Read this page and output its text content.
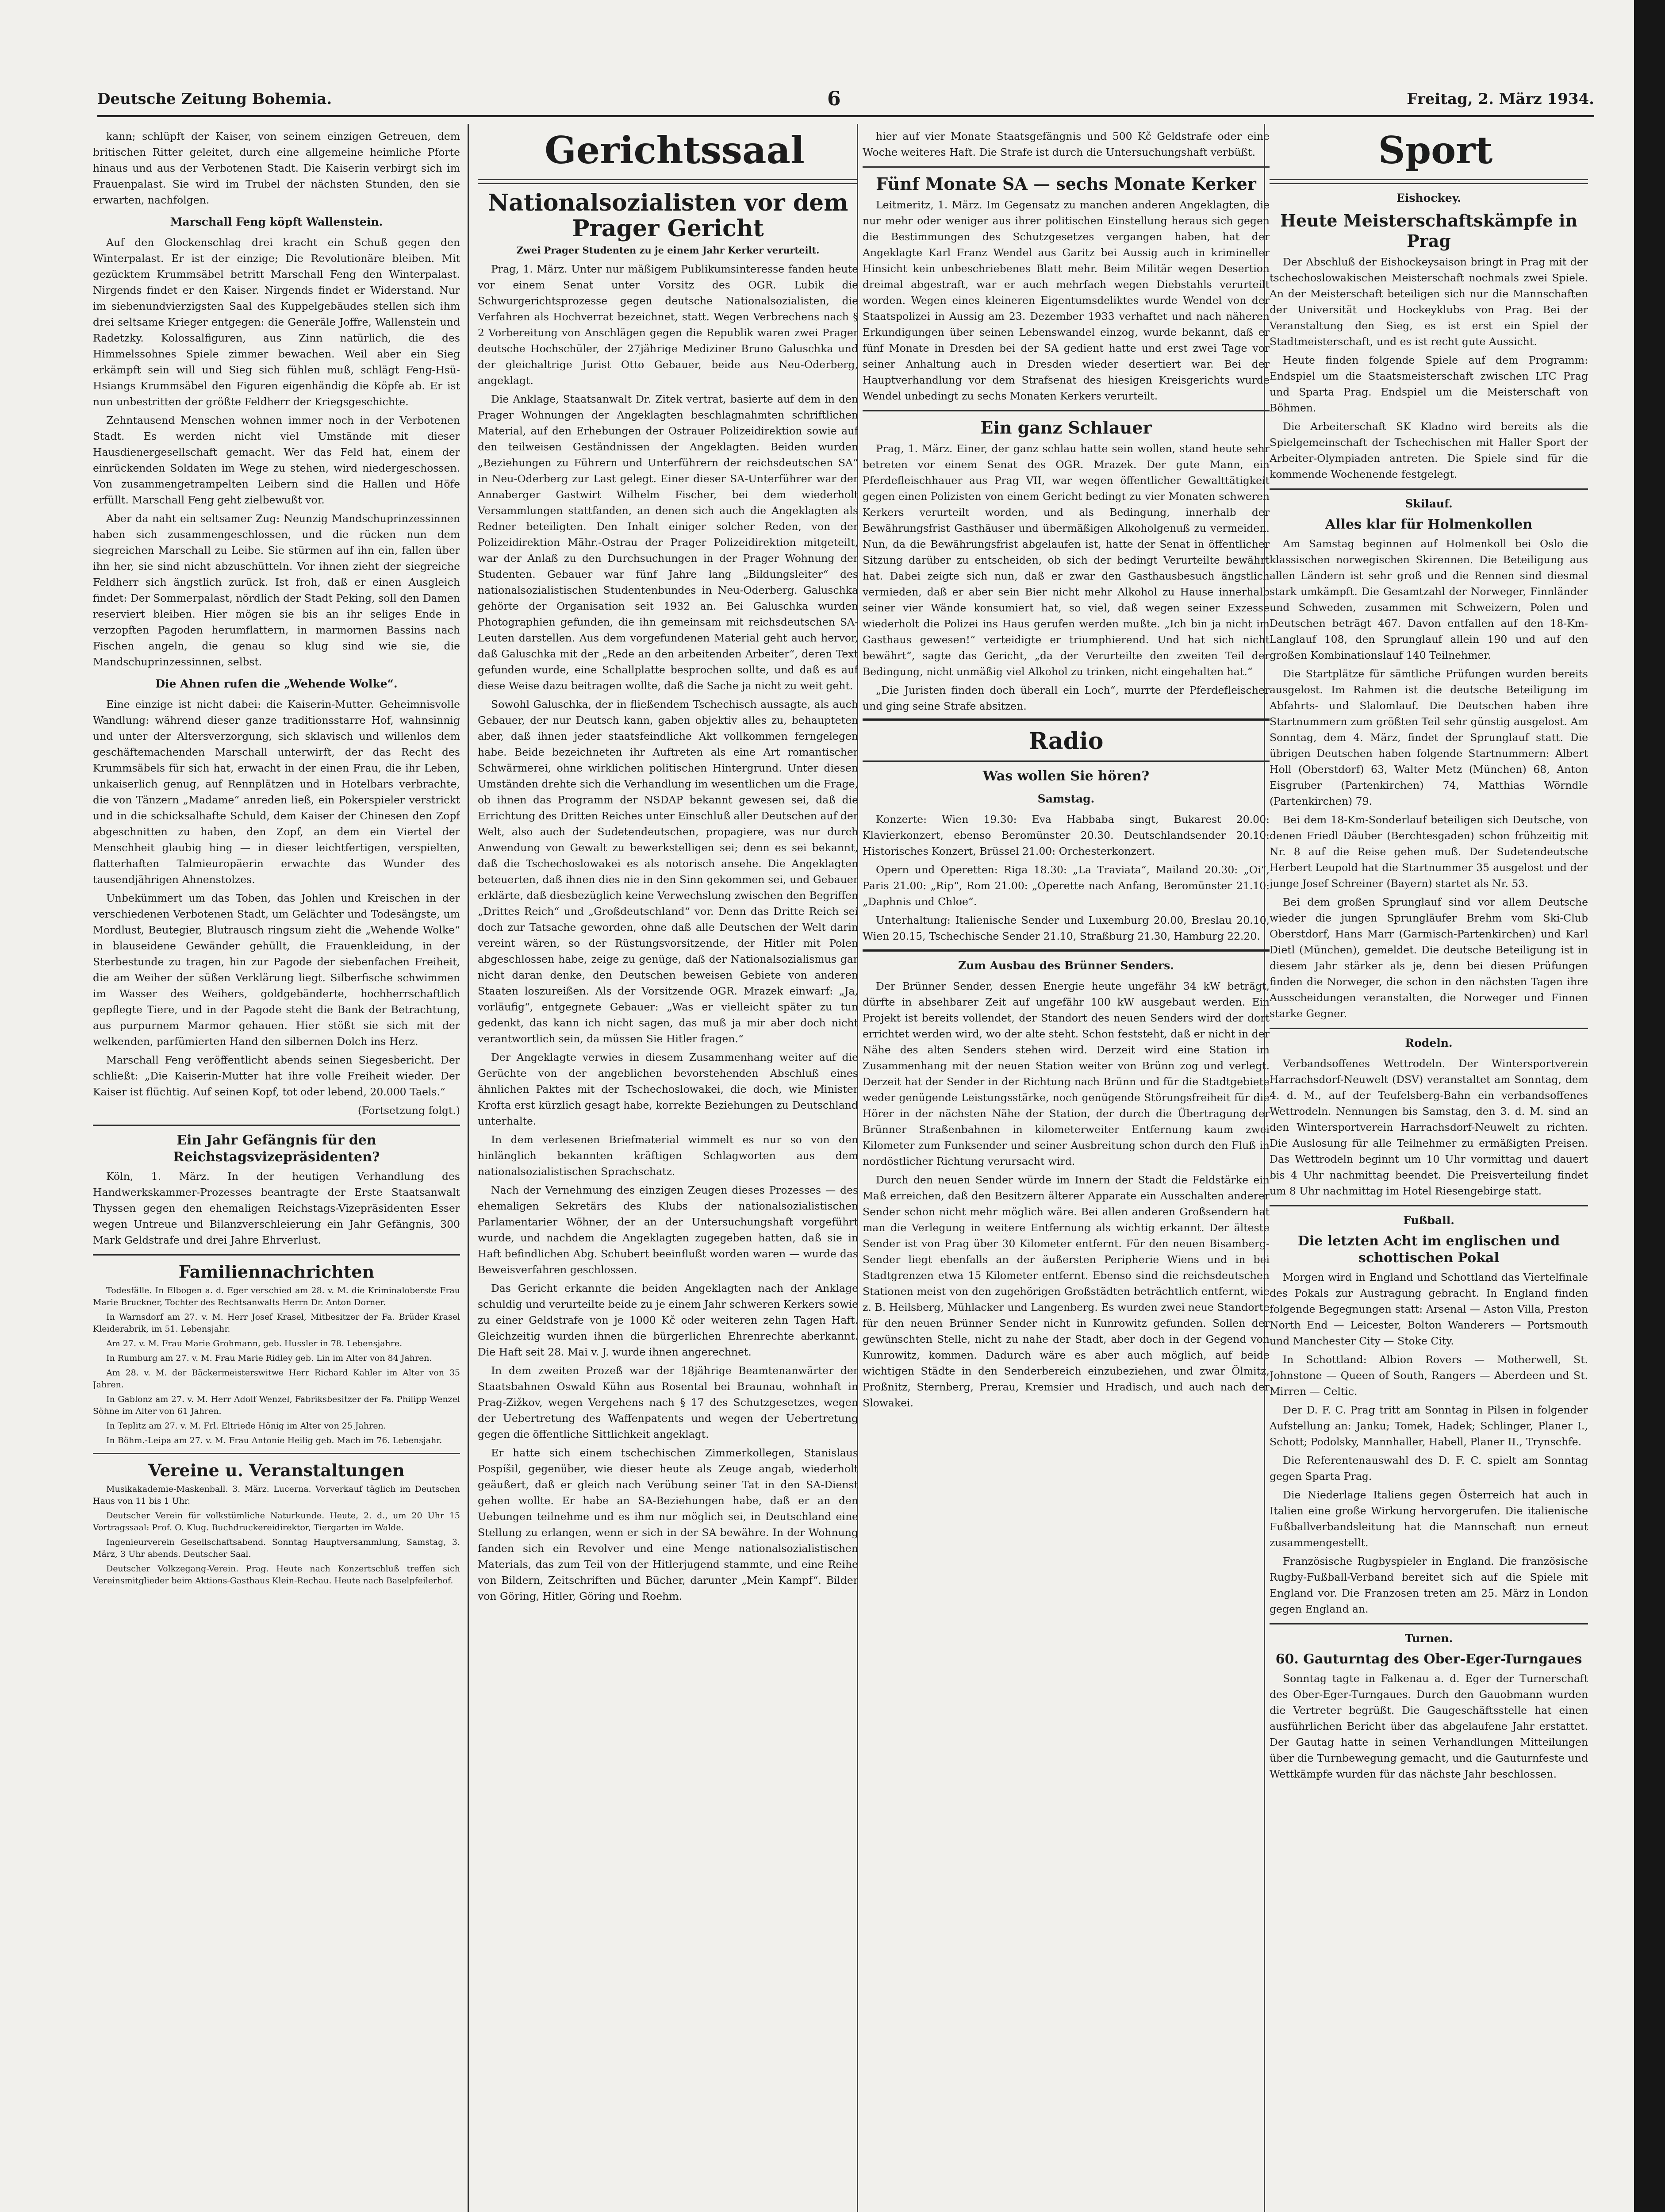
Deutsche Zeitung Bohemia.	6	Freitag, 2. März 1934.

kann; schlüpft der Kaiser, von seinem einzigen Getreuen, dem britischen Ritter geleitet, durch eine allgemeine heimliche Pforte hinaus und aus der Verbotenen Stadt. Die Kaiserin verbirgt sich im Frauenpalast. Sie wird im Trubel der nächsten Stunden, den sie erwarten, nachfolgen.

Marschall Feng köpft Wallenstein.

Auf den Glockenschlag drei kracht ein Schuß gegen den Winterpalast. Er ist der einzige; Die Revolutionäre bleiben. Mit gezücktem Krummsäbel betritt Marschall Feng den Winterpalast. Nirgends findet er den Kaiser. Nirgends findet er Widerstand. Nur im siebenundvierzigsten Saal des Kuppelgebäudes stellen sich ihm drei seltsame Krieger entgegen: die Generäle Joffre, Wallenstein und Radetzky. Kolossalfiguren, aus Zinn natürlich, die des Himmelssohnes Spiele zimmer bewachen. Weil aber ein Sieg erkämpft sein will und Sieg sich fühlen muß, schlägt Feng-Hsü-Hsiangs Krummsäbel den Figuren eigenhändig die Köpfe ab. Er ist nun unbestritten der größte Feldherr der Kriegsgeschichte.

Zehntausend Menschen wohnen immer noch in der Verbotenen Stadt. Es werden nicht viel Umstände mit dieser Hausdienergesellschaft gemacht. Wer das Feld hat, einem der einrückenden Soldaten im Wege zu stehen, wird niedergeschossen. Von zusammengetrampelten Leibern sind die Hallen und Höfe erfüllt. Marschall Feng geht zielbewußt vor.

Aber da naht ein seltsamer Zug: Neunzig Mandschuprinzessinnen haben sich zusammengeschlossen, und die rücken nun dem siegreichen Marschall zu Leibe. Sie stürmen auf ihn ein, fallen über ihn her, sie sind nicht abzuschütteln. Vor ihnen zieht der siegreiche Feldherr sich ängstlich zurück. Ist froh, daß er einen Ausgleich findet: Der Sommerpalast, nördlich der Stadt Peking, soll den Damen reserviert bleiben. Hier mögen sie bis an ihr seliges Ende in verzopften Pagoden herumflattern, in marmornen Bassins nach Fischen angeln, die genau so klug sind wie sie, die Mandschuprinzessinnen, selbst.

Die Ahnen rufen die „Wehende Wolke“.

Eine einzige ist nicht dabei: die Kaiserin-Mutter. Geheimnisvolle Wandlung: während dieser ganze traditionsstarre Hof, wahnsinnig und unter der Altersverzorgung, sich sklavisch und willenlos dem geschäftemachenden Marschall unterwirft, der das Recht des Krummsäbels für sich hat, erwacht in der einen Frau, die ihr Leben, unkaiserlich genug, auf Rennplätzen und in Hotelbars verbrachte, die von Tänzern „Madame“ anreden ließ, ein Pokerspieler verstrickt und in die schicksalhafte Schuld, dem Kaiser der Chinesen den Zopf abgeschnitten zu haben, den Zopf, an dem ein Viertel der Menschheit glaubig hing — in dieser leichtfertigen, verspielten, flatterhaften Talmieuropäerin erwachte das Wunder des tausendjährigen Ahnenstolzes.

Unbekümmert um das Toben, das Johlen und Kreischen in der verschiedenen Verbotenen Stadt, um Gelächter und Todesängste, um Mordlust, Beutegier, Blutrausch ringsum zieht die „Wehende Wolke“ in blauseidene Gewänder gehüllt, die Frauenkleidung, in der Sterbestunde zu tragen, hin zur Pagode der siebenfachen Freiheit, die am Weiher der süßen Verklärung liegt. Silberfische schwimmen im Wasser des Weihers, goldgebänderte, hochherrschaftlich gepflegte Tiere, und in der Pagode steht die Bank der Betrachtung, aus purpurnem Marmor gehauen. Hier stößt sie sich mit der welkenden, parfümierten Hand den silbernen Dolch ins Herz.

Marschall Feng veröffentlicht abends seinen Siegesbericht. Der schließt: „Die Kaiserin-Mutter hat ihre volle Freiheit wieder. Der Kaiser ist flüchtig. Auf seinen Kopf, tot oder lebend, 20.000 Taels.“

(Fortsetzung folgt.)

Ein Jahr Gefängnis für den Reichstagsvizepräsidenten?

Köln, 1. März. In der heutigen Verhandlung des Handwerkskammer-Prozesses beantragte der Erste Staatsanwalt Thyssen gegen den ehemaligen Reichstags-Vizepräsidenten Esser wegen Untreue und Bilanzverschleierung ein Jahr Gefängnis, 300 Mark Geldstrafe und drei Jahre Ehrverlust.

Familiennachrichten

Todesfälle. In Elbogen a. d. Eger verschied am 28. v. M. die Kriminaloberste Frau Marie Bruckner, Tochter des Rechtsanwalts Herrn Dr. Anton Dorner.

In Warnsdorf am 27. v. M. Herr Josef Krasel, Mitbesitzer der Fa. Brüder Krasel Kleiderabrik, im 51. Lebensjahr.

Am 27. v. M. Frau Marie Grohmann, geb. Hussler in 78. Lebensjahre.

In Rumburg am 27. v. M. Frau Marie Ridley geb. Lin im Alter von 84 Jahren.

Am 28. v. M. der Bäckermeisterswitwe Herr Richard Kahler im Alter von 35 Jahren.

In Gablonz am 27. v. M. Herr Adolf Wenzel, Fabriksbesitzer der Fa. Philipp Wenzel Söhne im Alter von 61 Jahren.

In Teplitz am 27. v. M. Frl. Eltriede Hönig im Alter von 25 Jahren.

In Böhm.-Leipa am 27. v. M. Frau Antonie Heilig geb. Mach im 76. Lebensjahr.

Vereine u. Veranstaltungen

Musikakademie-Maskenball. 3. März. Lucerna. Vorverkauf täglich im Deutschen Haus von 11 bis 1 Uhr.

Deutscher Verein für volkstümliche Naturkunde. Heute, 2. d., um 20 Uhr 15 Vortragssaal: Prof. O. Klug. Buchdruckereidirektor, Tiergarten im Walde.

Ingenieurverein Gesellschaftsabend. Sonntag Hauptversammlung, Samstag, 3. März, 3 Uhr abends. Deutscher Saal.

Deutscher Volkzegang-Verein. Prag. Heute nach Konzertschluß treffen sich Vereinsmitglieder beim Aktions-Gasthaus Klein-Rechau. Heute nach Baselpfeilerhof.

Gerichtssaal

Nationalsozialisten vor dem Prager Gericht

Zwei Prager Studenten zu je einem Jahr Kerker verurteilt.

Prag, 1. März. Unter nur mäßigem Publikumsinteresse fanden heute vor einem Senat unter Vorsitz des OGR. Lubik die Schwurgerichtsprozesse gegen deutsche Nationalsozialisten, die Verfahren als Hochverrat bezeichnet, statt. Wegen Verbrechens nach § 2 Vorbereitung von Anschlägen gegen die Republik waren zwei Prager deutsche Hochschüler, der 27jährige Mediziner Bruno Galuschka und der gleichaltrige Jurist Otto Gebauer, beide aus Neu-Oderberg, angeklagt.

Die Anklage, Staatsanwalt Dr. Zitek vertrat, basierte auf dem in den Prager Wohnungen der Angeklagten beschlagnahmten schriftlichen Material, auf den Erhebungen der Ostrauer Polizeidirektion sowie auf den teilweisen Geständnissen der Angeklagten. Beiden wurden „Beziehungen zu Führern und Unterführern der reichsdeutschen SA“ in Neu-Oderberg zur Last gelegt. Einer dieser SA-Unterführer war der Annaberger Gastwirt Wilhelm Fischer, bei dem wiederholt Versammlungen stattfanden, an denen sich auch die Angeklagten als Redner beteiligten. Den Inhalt einiger solcher Reden, von der Polizeidirektion Mähr.-Ostrau der Prager Polizeidirektion mitgeteilt, war der Anlaß zu den Durchsuchungen in der Prager Wohnung der Studenten. Gebauer war fünf Jahre lang „Bildungsleiter“ des nationalsozialistischen Studentenbundes in Neu-Oderberg. Galuschka gehörte der Organisation seit 1932 an. Bei Galuschka wurden Photographien gefunden, die ihn gemeinsam mit reichsdeutschen SA-Leuten darstellen. Aus dem vorgefundenen Material geht auch hervor, daß Galuschka mit der „Rede an den arbeitenden Arbeiter“, deren Text gefunden wurde, eine Schallplatte besprochen sollte, und daß es auf diese Weise dazu beitragen wollte, daß die Sache ja nicht zu weit geht.

Sowohl Galuschka, der in fließendem Tschechisch aussagte, als auch Gebauer, der nur Deutsch kann, gaben objektiv alles zu, behaupteten aber, daß ihnen jeder staatsfeindliche Akt vollkommen ferngelegen habe. Beide bezeichneten ihr Auftreten als eine Art romantischer Schwärmerei, ohne wirklichen politischen Hintergrund. Unter diesen Umständen drehte sich die Verhandlung im wesentlichen um die Frage, ob ihnen das Programm der NSDAP bekannt gewesen sei, daß die Errichtung des Dritten Reiches unter Einschluß aller Deutschen auf der Welt, also auch der Sudetendeutschen, propagiere, was nur durch Anwendung von Gewalt zu bewerkstelligen sei; denn es sei bekannt, daß die Tschechoslowakei es als notorisch ansehe. Die Angeklagten beteuerten, daß ihnen dies nie in den Sinn gekommen sei, und Gebauer erklärte, daß diesbezüglich keine Verwechslung zwischen den Begriffen „Drittes Reich“ und „Großdeutschland“ vor. Denn das Dritte Reich sei doch zur Tatsache geworden, ohne daß alle Deutschen der Welt darin vereint wären, so der Rüstungsvorsitzende, der Hitler mit Polen abgeschlossen habe, zeige zu genüge, daß der Nationalsozialismus gar nicht daran denke, den Deutschen beweisen Gebiete von anderen Staaten loszureißen. Als der Vorsitzende OGR. Mrazek einwarf: „Ja, vorläufig“, entgegnete Gebauer: „Was er vielleicht später zu tun gedenkt, das kann ich nicht sagen, das muß ja mir aber doch nicht verantwortlich sein, da müssen Sie Hitler fragen.“

Der Angeklagte verwies in diesem Zusammenhang weiter auf die Gerüchte von der angeblichen bevorstehenden Abschluß eines ähnlichen Paktes mit der Tschechoslowakei, die doch, wie Minister Krofta erst kürzlich gesagt habe, korrekte Beziehungen zu Deutschland unterhalte.

In dem verlesenen Briefmaterial wimmelt es nur so von den hinlänglich bekannten kräftigen Schlagworten aus dem nationalsozialistischen Sprachschatz.

Nach der Vernehmung des einzigen Zeugen dieses Prozesses — des ehemaligen Sekretärs des Klubs der nationalsozialistischen Parlamentarier Wöhner, der an der Untersuchungshaft vorgeführt wurde, und nachdem die Angeklagten zugegeben hatten, daß sie in Haft befindlichen Abg. Schubert beeinflußt worden waren — wurde das Beweisverfahren geschlossen.

Das Gericht erkannte die beiden Angeklagten nach der Anklage schuldig und verurteilte beide zu je einem Jahr schweren Kerkers sowie zu einer Geldstrafe von je 1000 Kč oder weiteren zehn Tagen Haft. Gleichzeitig wurden ihnen die bürgerlichen Ehrenrechte aberkannt. Die Haft seit 28. Mai v. J. wurde ihnen angerechnet.

In dem zweiten Prozeß war der 18jährige Beamtenanwärter der Staatsbahnen Oswald Kühn aus Rosental bei Braunau, wohnhaft in Prag-Zižkov, wegen Vergehens nach § 17 des Schutzgesetzes, wegen der Uebertretung des Waffenpatents und wegen der Uebertretung gegen die öffentliche Sittlichkeit angeklagt.

Er hatte sich einem tschechischen Zimmerkollegen, Stanislaus Pospíšil, gegenüber, wie dieser heute als Zeuge angab, wiederholt geäußert, daß er gleich nach Verübung seiner Tat in den SA-Dienst gehen wollte. Er habe an SA-Beziehungen habe, daß er an den Uebungen teilnehme und es ihm nur möglich sei, in Deutschland eine Stellung zu erlangen, wenn er sich in der SA bewähre. In der Wohnung fanden sich ein Revolver und eine Menge nationalsozialistischen Materials, das zum Teil von der Hitlerjugend stammte, und eine Reihe von Bildern, Zeitschriften und Bücher, darunter „Mein Kampf“. Bilder von Göring, Hitler, Göring und Roehm.

hier auf vier Monate Staatsgefängnis und 500 Kč Geldstrafe oder eine Woche weiteres Haft. Die Strafe ist durch die Untersuchungshaft verbüßt.

Fünf Monate SA — sechs Monate Kerker

Leitmeritz, 1. März. Im Gegensatz zu manchen anderen Angeklagten, die nur mehr oder weniger aus ihrer politischen Einstellung heraus sich gegen die Bestimmungen des Schutzgesetzes vergangen haben, hat der Angeklagte Karl Franz Wendel aus Garitz bei Aussig auch in krimineller Hinsicht kein unbeschriebenes Blatt mehr. Beim Militär wegen Desertion dreimal abgestraft, war er auch mehrfach wegen Diebstahls verurteilt worden. Wegen eines kleineren Eigentumsdeliktes wurde Wendel von der Staatspolizei in Aussig am 23. Dezember 1933 verhaftet und nach näheren Erkundigungen über seinen Lebenswandel einzog, wurde bekannt, daß er fünf Monate in Dresden bei der SA gedient hatte und erst zwei Tage vor seiner Anhaltung auch in Dresden wieder desertiert war. Bei der Hauptverhandlung vor dem Strafsenat des hiesigen Kreisgerichts wurde Wendel unbedingt zu sechs Monaten Kerkers verurteilt.

Ein ganz Schlauer

Prag, 1. März. Einer, der ganz schlau hatte sein wollen, stand heute sehr betreten vor einem Senat des OGR. Mrazek. Der gute Mann, ein Pferdefleischhauer aus Prag VII, war wegen öffentlicher Gewalttätigkeit gegen einen Polizisten von einem Gericht bedingt zu vier Monaten schweren Kerkers verurteilt worden, und als Bedingung, innerhalb der Bewährungsfrist Gasthäuser und übermäßigen Alkoholgenuß zu vermeiden. Nun, da die Bewährungsfrist abgelaufen ist, hatte der Senat in öffentlicher Sitzung darüber zu entscheiden, ob sich der bedingt Verurteilte bewährt hat. Dabei zeigte sich nun, daß er zwar den Gasthausbesuch ängstlich vermieden, daß er aber sein Bier nicht mehr Alkohol zu Hause innerhalb seiner vier Wände konsumiert hat, so viel, daß wegen seiner Exzesse wiederholt die Polizei ins Haus gerufen werden mußte. „Ich bin ja nicht im Gasthaus gewesen!“ verteidigte er triumphierend. Und hat sich nicht bewährt“, sagte das Gericht, „da der Verurteilte den zweiten Teil der Bedingung, nicht unmäßig viel Alkohol zu trinken, nicht eingehalten hat.“

„Die Juristen finden doch überall ein Loch“, murrte der Pferdefleischer und ging seine Strafe absitzen.

Radio

Was wollen Sie hören?

Samstag.

Konzerte: Wien 19.30: Eva Habbaba singt, Bukarest 20.00: Klavierkonzert, ebenso Beromünster 20.30. Deutschlandsender 20.10: Historisches Konzert, Brüssel 21.00: Orchesterkonzert.

Opern und Operetten: Riga 18.30: „La Traviata“, Mailand 20.30: „Oi“, Paris 21.00: „Rip“, Rom 21.00: „Operette nach Anfang, Beromünster 21.10: „Daphnis und Chloe“.

Unterhaltung: Italienische Sender und Luxemburg 20.00, Breslau 20.10, Wien 20.15, Tschechische Sender 21.10, Straßburg 21.30, Hamburg 22.20.

Zum Ausbau des Brünner Senders.

Der Brünner Sender, dessen Energie heute ungefähr 34 kW beträgt, dürfte in absehbarer Zeit auf ungefähr 100 kW ausgebaut werden. Ein Projekt ist bereits vollendet, der Standort des neuen Senders wird der dort errichtet werden wird, wo der alte steht. Schon feststeht, daß er nicht in der Nähe des alten Senders stehen wird. Derzeit wird eine Station im Zusammenhang mit der neuen Station weiter von Brünn zog und verlegt. Derzeit hat der Sender in der Richtung nach Brünn und für die Stadtgebiete weder genügende Leistungsstärke, noch genügende Störungsfreiheit für die Hörer in der nächsten Nähe der Station, der durch die Übertragung der Brünner Straßenbahnen in kilometerweiter Entfernung kaum zwei Kilometer zum Funksender und seiner Ausbreitung schon durch den Fluß in nordöstlicher Richtung verursacht wird.

Durch den neuen Sender würde im Innern der Stadt die Feldstärke ein Maß erreichen, daß den Besitzern älterer Apparate ein Ausschalten anderer Sender schon nicht mehr möglich wäre. Bei allen anderen Großsendern hat man die Verlegung in weitere Entfernung als wichtig erkannt. Der älteste Sender ist von Prag über 30 Kilometer entfernt. Für den neuen Bisamberg-Sender liegt ebenfalls an der äußersten Peripherie Wiens und in bei Stadtgrenzen etwa 15 Kilometer entfernt. Ebenso sind die reichsdeutschen Stationen meist von den zugehörigen Großstädten beträchtlich entfernt, wie z. B. Heilsberg, Mühlacker und Langenberg. Es wurden zwei neue Standorte für den neuen Brünner Sender nicht in Kunrowitz gefunden. Sollen der gewünschten Stelle, nicht zu nahe der Stadt, aber doch in der Gegend von Kunrowitz, kommen. Dadurch wäre es aber auch möglich, auf beide wichtigen Städte in den Senderbereich einzubeziehen, und zwar Ölmitz, Proßnitz, Sternberg, Prerau, Kremsier und Hradisch, und auch nach der Slowakei.

Sport

Eishockey.

Heute Meisterschaftskämpfe in Prag

Der Abschluß der Eishockeysaison bringt in Prag mit der tschechoslowakischen Meisterschaft nochmals zwei Spiele. An der Meisterschaft beteiligen sich nur die Mannschaften der Universität und Hockeyklubs von Prag. Bei der Veranstaltung den Sieg, es ist erst ein Spiel der Stadtmeisterschaft, und es ist recht gute Aussicht.

Heute finden folgende Spiele auf dem Programm: Endspiel um die Staatsmeisterschaft zwischen LTC Prag und Sparta Prag. Endspiel um die Meisterschaft von Böhmen.

Die Arbeiterschaft SK Kladno wird bereits als die Spielgemeinschaft der Tschechischen mit Haller Sport der Arbeiter-Olympiaden antreten. Die Spiele sind für die kommende Wochenende festgelegt.

Skilauf.

Alles klar für Holmenkollen

Am Samstag beginnen auf Holmenkoll bei Oslo die klassischen norwegischen Skirennen. Die Beteiligung aus allen Ländern ist sehr groß und die Rennen sind diesmal stark umkämpft. Die Gesamtzahl der Norweger, Finnländer und Schweden, zusammen mit Schweizern, Polen und Deutschen beträgt 467. Davon entfallen auf den 18-Km-Langlauf 108, den Sprunglauf allein 190 und auf den großen Kombinationslauf 140 Teilnehmer.

Die Startplätze für sämtliche Prüfungen wurden bereits ausgelost. Im Rahmen ist die deutsche Beteiligung im Abfahrts- und Slalomlauf. Die Deutschen haben ihre Startnummern zum größten Teil sehr günstig ausgelost. Am Sonntag, dem 4. März, findet der Sprunglauf statt. Die übrigen Deutschen haben folgende Startnummern: Albert Holl (Oberstdorf) 63, Walter Metz (München) 68, Anton Eisgruber (Partenkirchen) 74, Matthias Wörndle (Partenkirchen) 79.

Bei dem 18-Km-Sonderlauf beteiligen sich Deutsche, von denen Friedl Däuber (Berchtesgaden) schon frühzeitig mit Nr. 8 auf die Reise gehen muß. Der Sudetendeutsche Herbert Leupold hat die Startnummer 35 ausgelost und der junge Josef Schreiner (Bayern) startet als Nr. 53.

Bei dem großen Sprunglauf sind vor allem Deutsche wieder die jungen Sprungläufer Brehm vom Ski-Club Oberstdorf, Hans Marr (Garmisch-Partenkirchen) und Karl Dietl (München), gemeldet. Die deutsche Beteiligung ist in diesem Jahr stärker als je, denn bei diesen Prüfungen finden die Norweger, die schon in den nächsten Tagen ihre Ausscheidungen veranstalten, die Norweger und Finnen starke Gegner.

Rodeln.

Verbandsoffenes Wettrodeln. Der Wintersportverein Harrachsdorf-Neuwelt (DSV) veranstaltet am Sonntag, dem 4. d. M., auf der Teufelsberg-Bahn ein verbandsoffenes Wettrodeln. Nennungen bis Samstag, den 3. d. M. sind an den Wintersportverein Harrachsdorf-Neuwelt zu richten. Die Auslosung für alle Teilnehmer zu ermäßigten Preisen. Das Wettrodeln beginnt um 10 Uhr vormittag und dauert bis 4 Uhr nachmittag beendet. Die Preisverteilung findet um 8 Uhr nachmittag im Hotel Riesengebirge statt.

Fußball.

Die letzten Acht im englischen und schottischen Pokal

Morgen wird in England und Schottland das Viertelfinale des Pokals zur Austragung gebracht. In England finden folgende Begegnungen statt: Arsenal — Aston Villa, Preston North End — Leicester, Bolton Wanderers — Portsmouth und Manchester City — Stoke City.

In Schottland: Albion Rovers — Motherwell, St. Johnstone — Queen of South, Rangers — Aberdeen und St. Mirren — Celtic.

Der D. F. C. Prag tritt am Sonntag in Pilsen in folgender Aufstellung an: Janku; Tomek, Hadek; Schlinger, Planer I., Schott; Podolsky, Mannhaller, Habell, Planer II., Trynschfe.

Die Referentenauswahl des D. F. C. spielt am Sonntag gegen Sparta Prag.

Die Niederlage Italiens gegen Österreich hat auch in Italien eine große Wirkung hervorgerufen. Die italienische Fußballverbandsleitung hat die Mannschaft nun erneut zusammengestellt.

Französische Rugbyspieler in England. Die französische Rugby-Fußball-Verband bereitet sich auf die Spiele mit England vor. Die Franzosen treten am 25. März in London gegen England an.

Turnen.

60. Gauturntag des Ober-Eger-Turngaues

Sonntag tagte in Falkenau a. d. Eger der Turnerschaft des Ober-Eger-Turngaues. Durch den Gauobmann wurden die Vertreter begrüßt. Die Gaugeschäftsstelle hat einen ausführlichen Bericht über das abgelaufene Jahr erstattet. Der Gautag hatte in seinen Verhandlungen Mitteilungen über die Turnbewegung gemacht, und die Gauturnfeste und Wettkämpfe wurden für das nächste Jahr beschlossen.
